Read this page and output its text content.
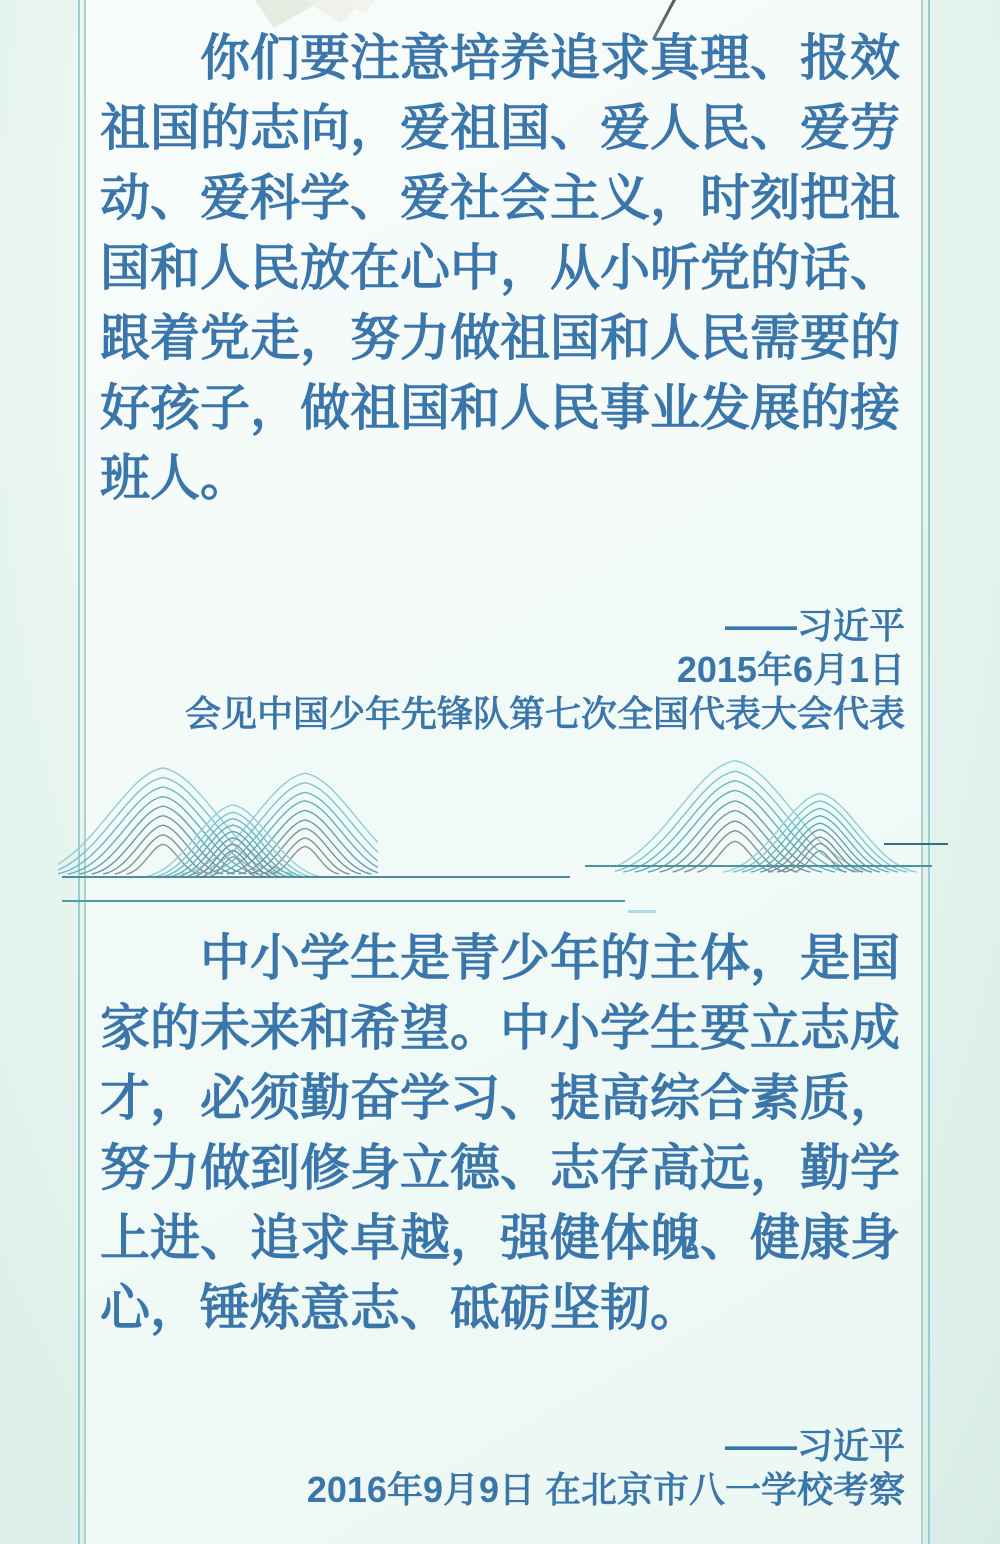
你们要注意培养追求真理、报效
祖国的志向，爱祖国、爱人民、爱劳
动、爱科学、爱社会主义，时刻把祖
国和人民放在心中，从小听党的话、
跟着党走，努力做祖国和人民需要的
好孩子，做祖国和人民事业发展的接
班人。
——习近平
2015年6月1日
会见中国少年先锋队第七次全国代表大会代表
中小学生是青少年的主体，是国
家的未来和希望。中小学生要立志成
才，必须勤奋学习、提高综合素质，
努力做到修身立德、志存高远，勤学
上进、追求卓越，强健体魄、健康身
心，锤炼意志、砥砺坚韧。
——习近平
2016年9月9日 在北京市八一学校考察
